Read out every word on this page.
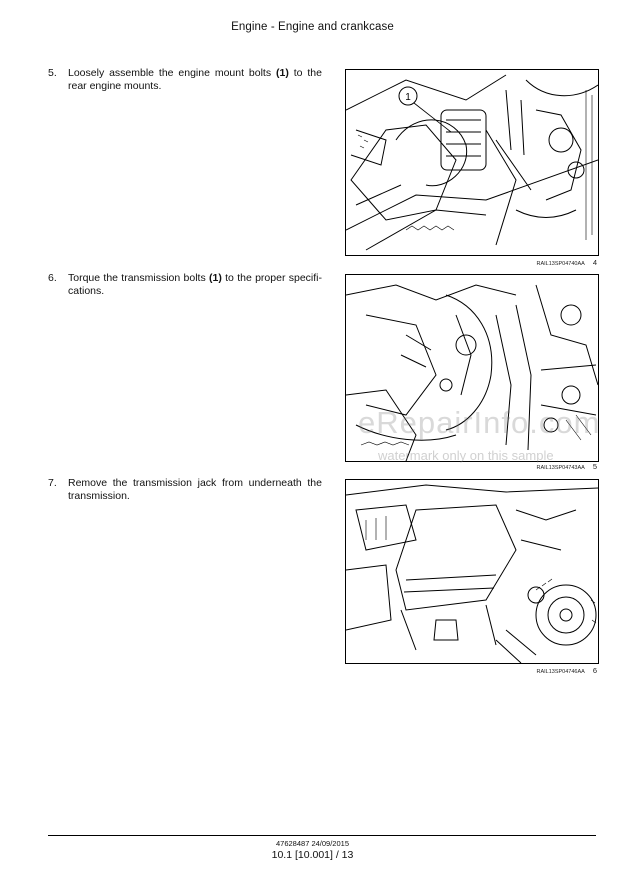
Engine - Engine and crankcase
5. Loosely assemble the engine mount bolts (1) to the rear engine mounts.
6. Torque the transmission bolts (1) to the proper specifi- cations.
7. Remove the transmission jack from underneath the transmission.
1
RAIL13SP04740AA 4
eRepairInfo.com
watermark only on this sample
RAIL13SP04743AA 5
RAIL13SP04746AA 6
47628487 24/09/2015
10.1 [10.001] / 13
